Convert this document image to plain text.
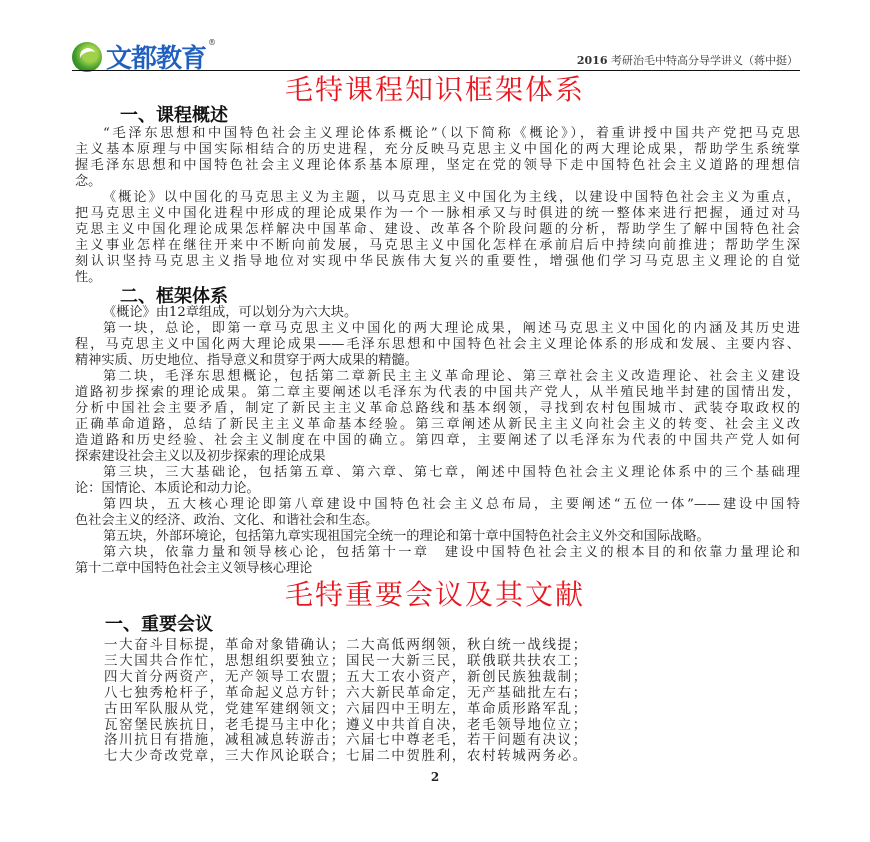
文都教育
®
2016 考研治毛中特高分导学讲义（蒋中挺）
毛特课程知识框架体系
一、课程概述
“毛泽东思想和中国特色社会主义理论体系概论”（以下简称《概论》），着重讲授中国共产党把马克思
主义基本原理与中国实际相结合的历史进程，充分反映马克思主义中国化的两大理论成果，帮助学生系统掌
握毛泽东思想和中国特色社会主义理论体系基本原理，坚定在党的领导下走中国特色社会主义道路的理想信
念。
《概论》以中国化的马克思主义为主题，以马克思主义中国化为主线，以建设中国特色社会主义为重点，
把马克思主义中国化进程中形成的理论成果作为一个一脉相承又与时俱进的统一整体来进行把握，通过对马
克思主义中国化理论成果怎样解决中国革命、建设、改革各个阶段问题的分析，帮助学生了解中国特色社会
主义事业怎样在继往开来中不断向前发展，马克思主义中国化怎样在承前启后中持续向前推进；帮助学生深
刻认识坚持马克思主义指导地位对实现中华民族伟大复兴的重要性，增强他们学习马克思主义理论的自觉
性。
二、框架体系
《概论》由12章组成，可以划分为六大块。
第一块，总论，即第一章马克思主义中国化的两大理论成果，阐述马克思主义中国化的内涵及其历史进
程，马克思主义中国化两大理论成果——毛泽东思想和中国特色社会主义理论体系的形成和发展、主要内容、
精神实质、历史地位、指导意义和贯穿于两大成果的精髓。
第二块，毛泽东思想概论，包括第二章新民主主义革命理论、第三章社会主义改造理论、社会主义建设
道路初步探索的理论成果。第二章主要阐述以毛泽东为代表的中国共产党人，从半殖民地半封建的国情出发，
分析中国社会主要矛盾，制定了新民主主义革命总路线和基本纲领，寻找到农村包围城市、武装夺取政权的
正确革命道路，总结了新民主主义革命基本经验。第三章阐述从新民主主义向社会主义的转变、社会主义改
造道路和历史经验、社会主义制度在中国的确立。第四章，主要阐述了以毛泽东为代表的中国共产党人如何
探索建设社会主义以及初步探索的理论成果
第三块，三大基础论，包括第五章、第六章、第七章，阐述中国特色社会主义理论体系中的三个基础理
论：国情论、本质论和动力论。
第四块，五大核心理论即第八章建设中国特色社会主义总布局，主要阐述“五位一体”——建设中国特
色社会主义的经济、政治、文化、和谐社会和生态。
第五块，外部环境论，包括第九章实现祖国完全统一的理论和第十章中国特色社会主义外交和国际战略。
第六块，依靠力量和领导核心论，包括第十一章　建设中国特色社会主义的根本目的和依靠力量理论和
第十二章中国特色社会主义领导核心理论
毛特重要会议及其文献
一、重要会议
一大奋斗目标提， 革命对象错确认； 二大高低两纲领， 秋白统一战线提；
三大国共合作忙， 思想组织要独立； 国民一大新三民， 联俄联共扶农工；
四大首分两资产， 无产领导工农盟； 五大工农小资产， 新创民族独裁制；
八七独秀枪杆子， 革命起义总方针； 六大新民革命定， 无产基础批左右；
古田军队服从党， 党建军建纲领文； 六届四中王明左， 革命质形路军乱；
瓦窑堡民族抗日， 老毛提马主中化； 遵义中共首自决， 老毛领导地位立；
洛川抗日有措施， 减租减息转游击； 六届七中尊老毛， 若干问题有决议；
七大少奇改党章， 三大作风论联合； 七届二中贺胜利， 农村转城两务必。
2
